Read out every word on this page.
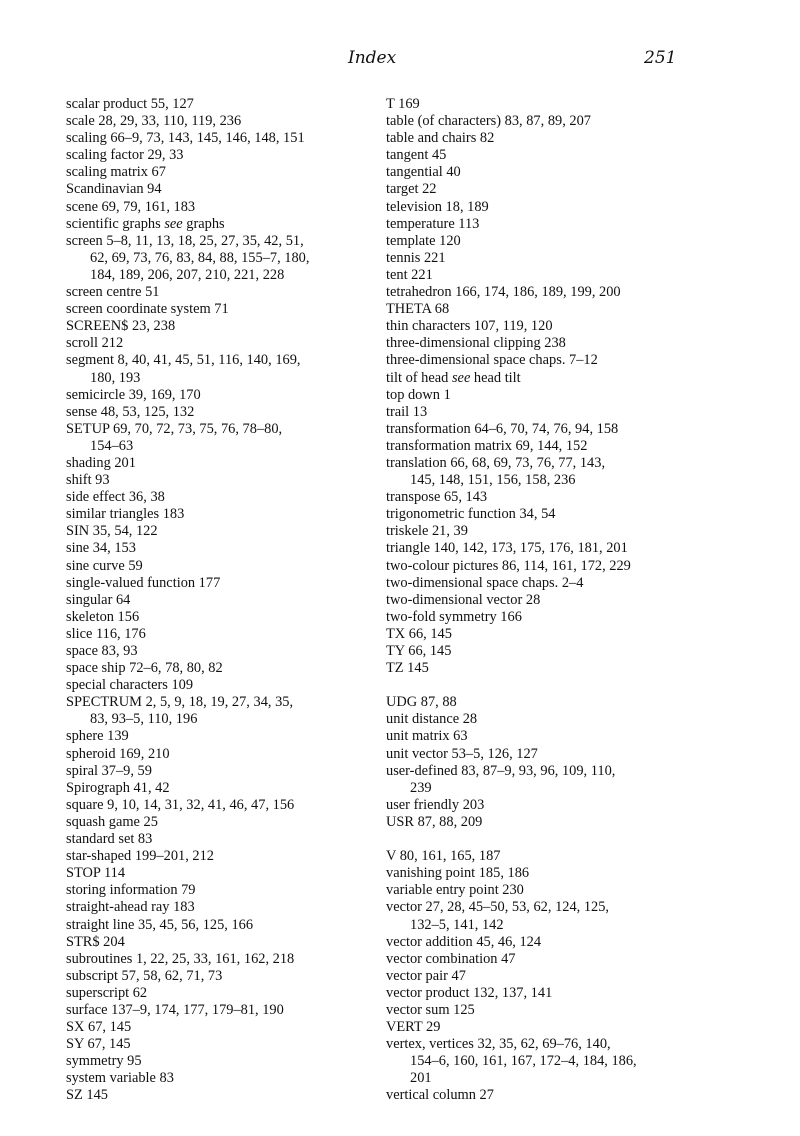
Index	251
scalar product 55, 127
scale 28, 29, 33, 110, 119, 236
scaling 66–9, 73, 143, 145, 146, 148, 151
scaling factor 29, 33
scaling matrix 67
Scandinavian 94
scene 69, 79, 161, 183
scientific graphs see graphs
screen 5–8, 11, 13, 18, 25, 27, 35, 42, 51,
62, 69, 73, 76, 83, 84, 88, 155–7, 180,
184, 189, 206, 207, 210, 221, 228
screen centre 51
screen coordinate system 71
SCREEN$ 23, 238
scroll 212
segment 8, 40, 41, 45, 51, 116, 140, 169,
180, 193
semicircle 39, 169, 170
sense 48, 53, 125, 132
SETUP 69, 70, 72, 73, 75, 76, 78–80,
154–63
shading 201
shift 93
side effect 36, 38
similar triangles 183
SIN 35, 54, 122
sine 34, 153
sine curve 59
single-valued function 177
singular 64
skeleton 156
slice 116, 176
space 83, 93
space ship 72–6, 78, 80, 82
special characters 109
SPECTRUM 2, 5, 9, 18, 19, 27, 34, 35,
83, 93–5, 110, 196
sphere 139
spheroid 169, 210
spiral 37–9, 59
Spirograph 41, 42
square 9, 10, 14, 31, 32, 41, 46, 47, 156
squash game 25
standard set 83
star-shaped 199–201, 212
STOP 114
storing information 79
straight-ahead ray 183
straight line 35, 45, 56, 125, 166
STR$ 204
subroutines 1, 22, 25, 33, 161, 162, 218
subscript 57, 58, 62, 71, 73
superscript 62
surface 137–9, 174, 177, 179–81, 190
SX 67, 145
SY 67, 145
symmetry 95
system variable 83
SZ 145
T 169
table (of characters) 83, 87, 89, 207
table and chairs 82
tangent 45
tangential 40
target 22
television 18, 189
temperature 113
template 120
tennis 221
tent 221
tetrahedron 166, 174, 186, 189, 199, 200
THETA 68
thin characters 107, 119, 120
three-dimensional clipping 238
three-dimensional space chaps. 7–12
tilt of head see head tilt
top down 1
trail 13
transformation 64–6, 70, 74, 76, 94, 158
transformation matrix 69, 144, 152
translation 66, 68, 69, 73, 76, 77, 143,
145, 148, 151, 156, 158, 236
transpose 65, 143
trigonometric function 34, 54
triskele 21, 39
triangle 140, 142, 173, 175, 176, 181, 201
two-colour pictures 86, 114, 161, 172, 229
two-dimensional space chaps. 2–4
two-dimensional vector 28
two-fold symmetry 166
TX 66, 145
TY 66, 145
TZ 145
UDG 87, 88
unit distance 28
unit matrix 63
unit vector 53–5, 126, 127
user-defined 83, 87–9, 93, 96, 109, 110,
239
user friendly 203
USR 87, 88, 209
V 80, 161, 165, 187
vanishing point 185, 186
variable entry point 230
vector 27, 28, 45–50, 53, 62, 124, 125,
132–5, 141, 142
vector addition 45, 46, 124
vector combination 47
vector pair 47
vector product 132, 137, 141
vector sum 125
VERT 29
vertex, vertices 32, 35, 62, 69–76, 140,
154–6, 160, 161, 167, 172–4, 184, 186,
201
vertical column 27
